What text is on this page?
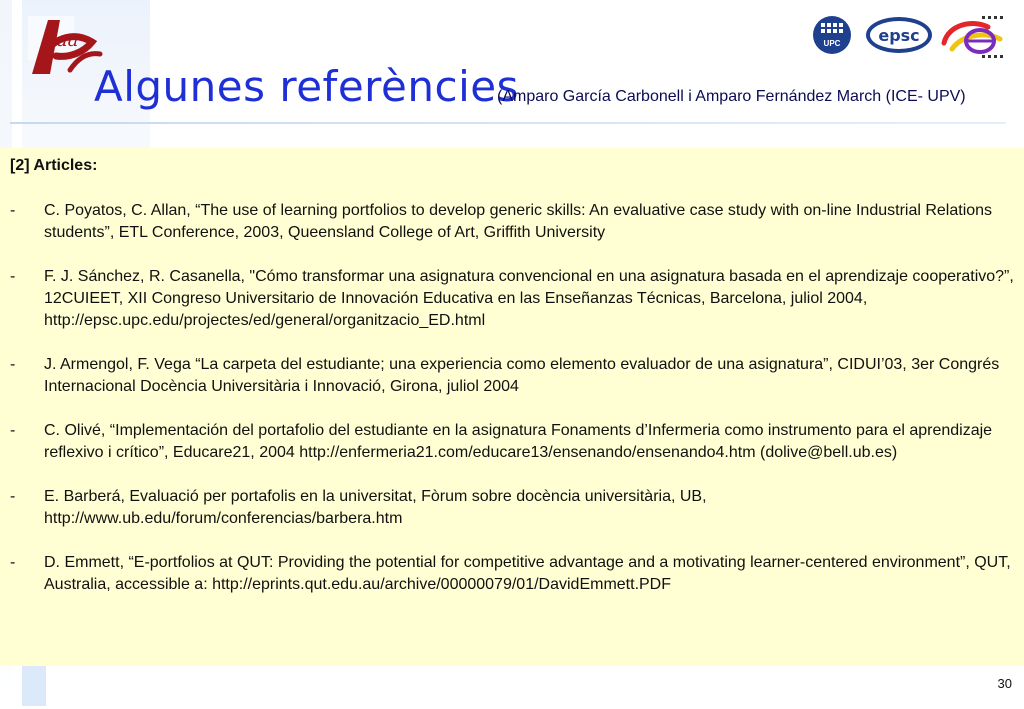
ua
Algunes referències
(Amparo García Carbonell i Amparo Fernández March (ICE- UPV)
UPC epsc
[2] Articles:
- C. Poyatos, C. Allan, “The use of learning portfolios to develop generic skills: An evaluative case study with on-line Industrial Relations students”, ETL Conference, 2003, Queensland College of Art, Griffith University
- F. J. Sánchez, R. Casanella, "Cómo transformar una asignatura convencional en una asignatura basada en el aprendizaje cooperativo?”, 12CUIEET, XII Congreso Universitario de Innovación Educativa en las Enseñanzas Técnicas, Barcelona, juliol 2004, http://epsc.upc.edu/projectes/ed/general/organitzacio_ED.html
- J. Armengol, F. Vega “La carpeta del estudiante; una experiencia como elemento evaluador de una asignatura”, CIDUI’03, 3er Congrés Internacional Docència Universitària i Innovació, Girona, juliol 2004
- C. Olivé, “Implementación del portafolio del estudiante en la asignatura Fonaments d’Infermeria como instrumento para el aprendizaje reflexivo i crítico”, Educare21, 2004 http://enfermeria21.com/educare13/ensenando/ensenando4.htm (dolive@bell.ub.es)
- E. Barberá, Evaluació per portafolis en la universitat, Fòrum sobre docència universitària, UB, http://www.ub.edu/forum/conferencias/barbera.htm
- D. Emmett, “E-portfolios at QUT: Providing the potential for competitive advantage and a motivating learner-centered environment”, QUT, Australia, accessible a: http://eprints.qut.edu.au/archive/00000079/01/DavidEmmett.PDF
30
